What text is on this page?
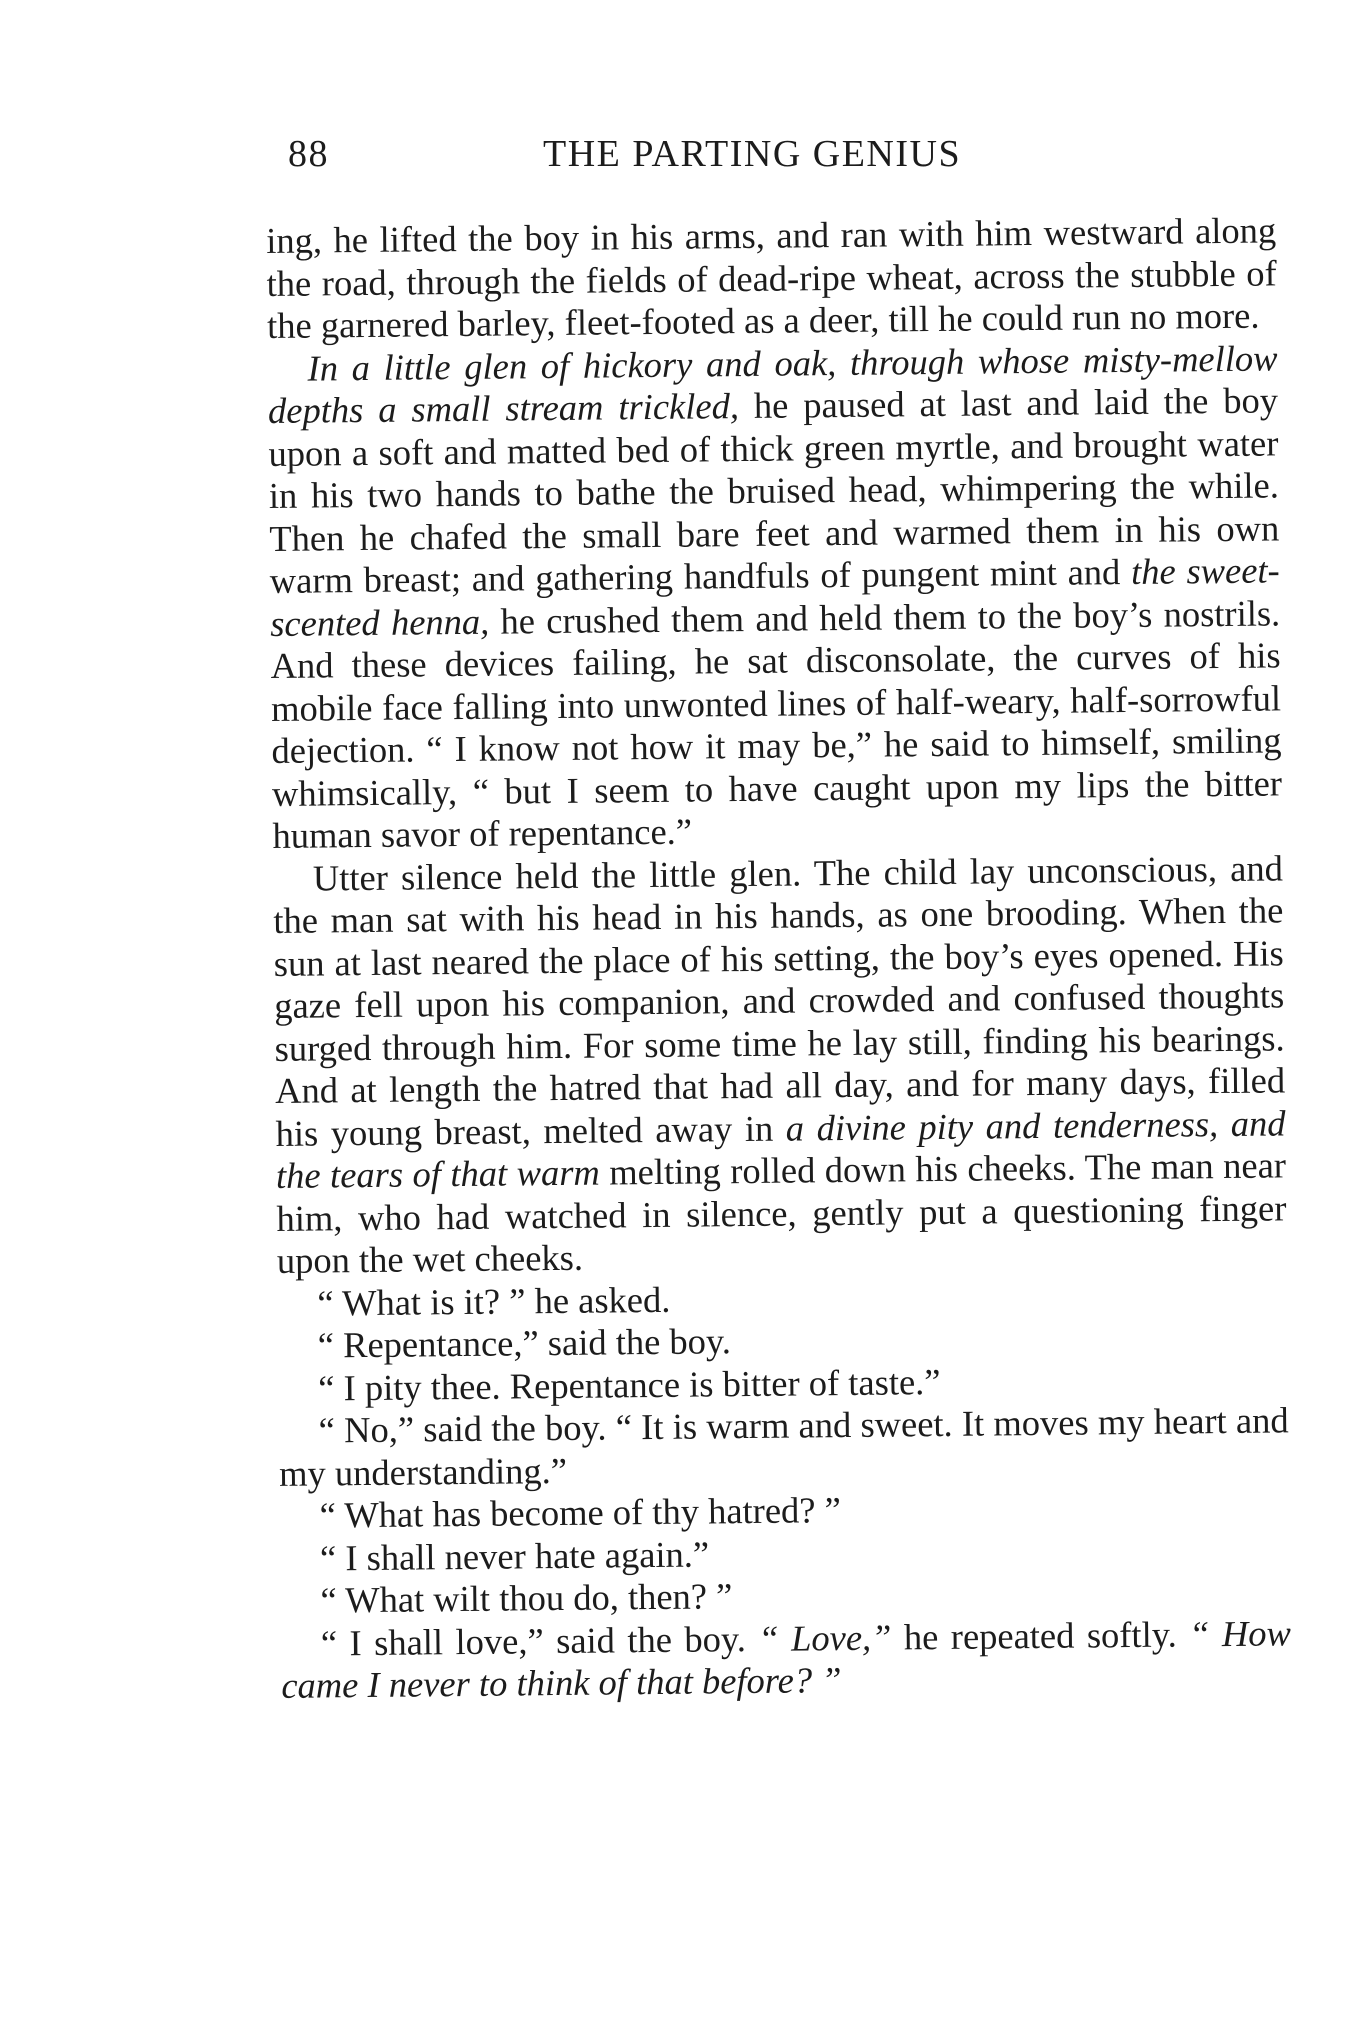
88	THE PARTING GENIUS

ing, he lifted the boy in his arms, and ran with him westward along the road, through the fields of dead-ripe wheat, across the stubble of the garnered barley, fleet-footed as a deer, till he could run no more.

In a little glen of hickory and oak, through whose misty-mellow depths a small stream trickled, he paused at last and laid the boy upon a soft and matted bed of thick green myrtle, and brought water in his two hands to bathe the bruised head, whimpering the while. Then he chafed the small bare feet and warmed them in his own warm breast; and gathering handfuls of pungent mint and the sweet-scented henna, he crushed them and held them to the boy’s nostrils. And these devices failing, he sat disconsolate, the curves of his mobile face falling into unwonted lines of half-weary, half-sorrowful dejection. “ I know not how it may be,” he said to himself, smiling whimsically, “ but I seem to have caught upon my lips the bitter human savor of repentance.”

Utter silence held the little glen. The child lay unconscious, and the man sat with his head in his hands, as one brooding. When the sun at last neared the place of his setting, the boy’s eyes opened. His gaze fell upon his companion, and crowded and confused thoughts surged through him. For some time he lay still, finding his bearings. And at length the hatred that had all day, and for many days, filled his young breast, melted away in a divine pity and tenderness, and the tears of that warm melting rolled down his cheeks. The man near him, who had watched in silence, gently put a questioning finger upon the wet cheeks.

“ What is it? ” he asked.

“ Repentance,” said the boy.

“ I pity thee. Repentance is bitter of taste.”

“ No,” said the boy. “ It is warm and sweet. It moves my heart and my understanding.”

“ What has become of thy hatred? ”

“ I shall never hate again.”

“ What wilt thou do, then? ”

“ I shall love,” said the boy. “ Love,” he repeated softly. “ How came I never to think of that before? ”
